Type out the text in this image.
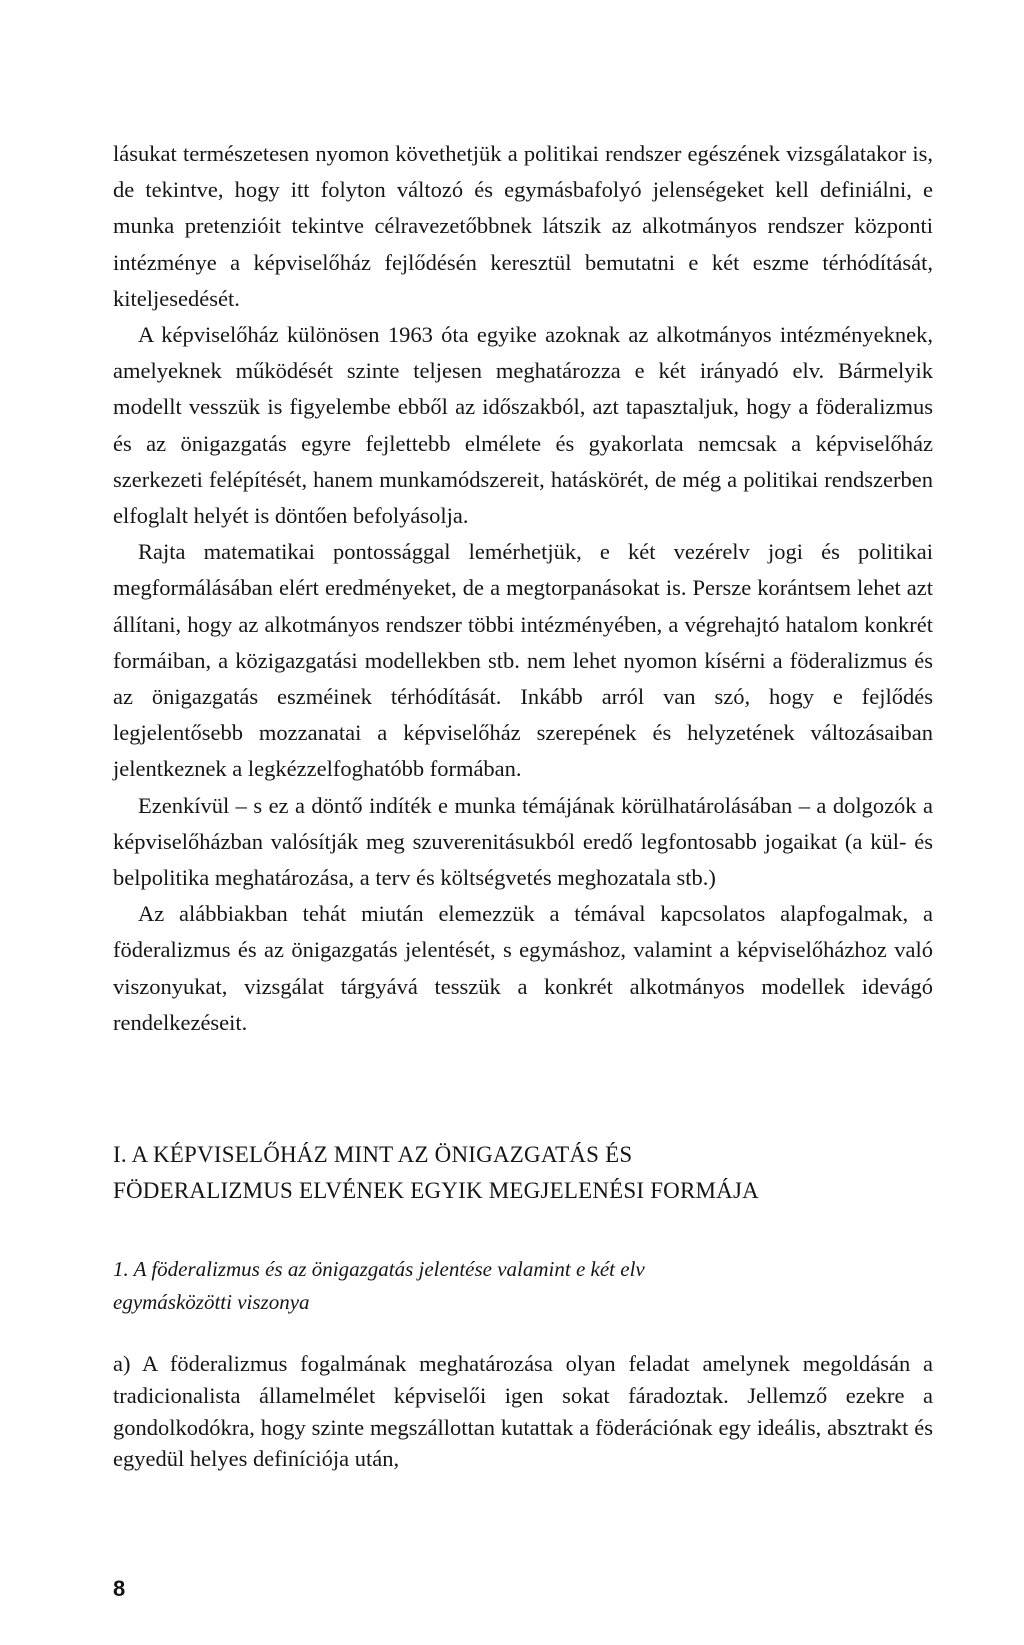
lásukat természetesen nyomon követhetjük a politikai rendszer egészének vizsgálatakor is, de tekintve, hogy itt folyton változó és egymásbafolyó jelenségeket kell definiálni, e munka pretenzióit tekintve célravezetőbbnek látszik az alkotmányos rendszer központi intézménye a képviselőház fejlődésén keresztül bemutatni e két eszme térhódítását, kiteljesedését.

A képviselőház különösen 1963 óta egyike azoknak az alkotmányos intézményeknek, amelyeknek működését szinte teljesen meghatározza e két irányadó elv. Bármelyik modellt vesszük is figyelembe ebből az időszakból, azt tapasztaljuk, hogy a föderalizmus és az önigazgatás egyre fejlettebb elmélete és gyakorlata nemcsak a képviselőház szerkezeti felépítését, hanem munkamódszereit, hatáskörét, de még a politikai rendszerben elfoglalt helyét is döntően befolyásolja.

Rajta matematikai pontossággal lemérhetjük, e két vezérelv jogi és politikai megformálásában elért eredményeket, de a megtorpanásokat is. Persze korántsem lehet azt állítani, hogy az alkotmányos rendszer többi intézményében, a végrehajtó hatalom konkrét formáiban, a közigazgatási modellekben stb. nem lehet nyomon kísérni a föderalizmus és az önigazgatás eszméinek térhódítását. Inkább arról van szó, hogy e fejlődés legjelentősebb mozzanatai a képviselőház szerepének és helyzetének változásaiban jelentkeznek a legkézzelfoghatóbb formában.

Ezenkívül – s ez a döntő indíték e munka témájának körülhatárolásában – a dolgozók a képviselőházban valósítják meg szuverenitásukból eredő legfontosabb jogaikat (a kül- és belpolitika meghatározása, a terv és költségvetés meghozatala stb.)

Az alábbiakban tehát miután elemezzük a témával kapcsolatos alapfogalmak, a föderalizmus és az önigazgatás jelentését, s egymáshoz, valamint a képviselőházhoz való viszonyukat, vizsgálat tárgyává tesszük a konkrét alkotmányos modellek idevágó rendelkezéseit.

I. A KÉPVISELŐHÁZ MINT AZ ÖNIGAZGATÁS ÉS
FÖDERALIZMUS ELVÉNEK EGYIK MEGJELENÉSI FORMÁJA
1. A föderalizmus és az önigazgatás jelentése valamint e két elv
egymásközötti viszonya

a) A föderalizmus fogalmának meghatározása olyan feladat amelynek megoldásán a tradicionalista államelmélet képviselői igen sokat fáradoztak. Jellemző ezekre a gondolkodókra, hogy szinte megszállottan kutattak a föderációnak egy ideális, absztrakt és egyedül helyes definíciója után,

8
